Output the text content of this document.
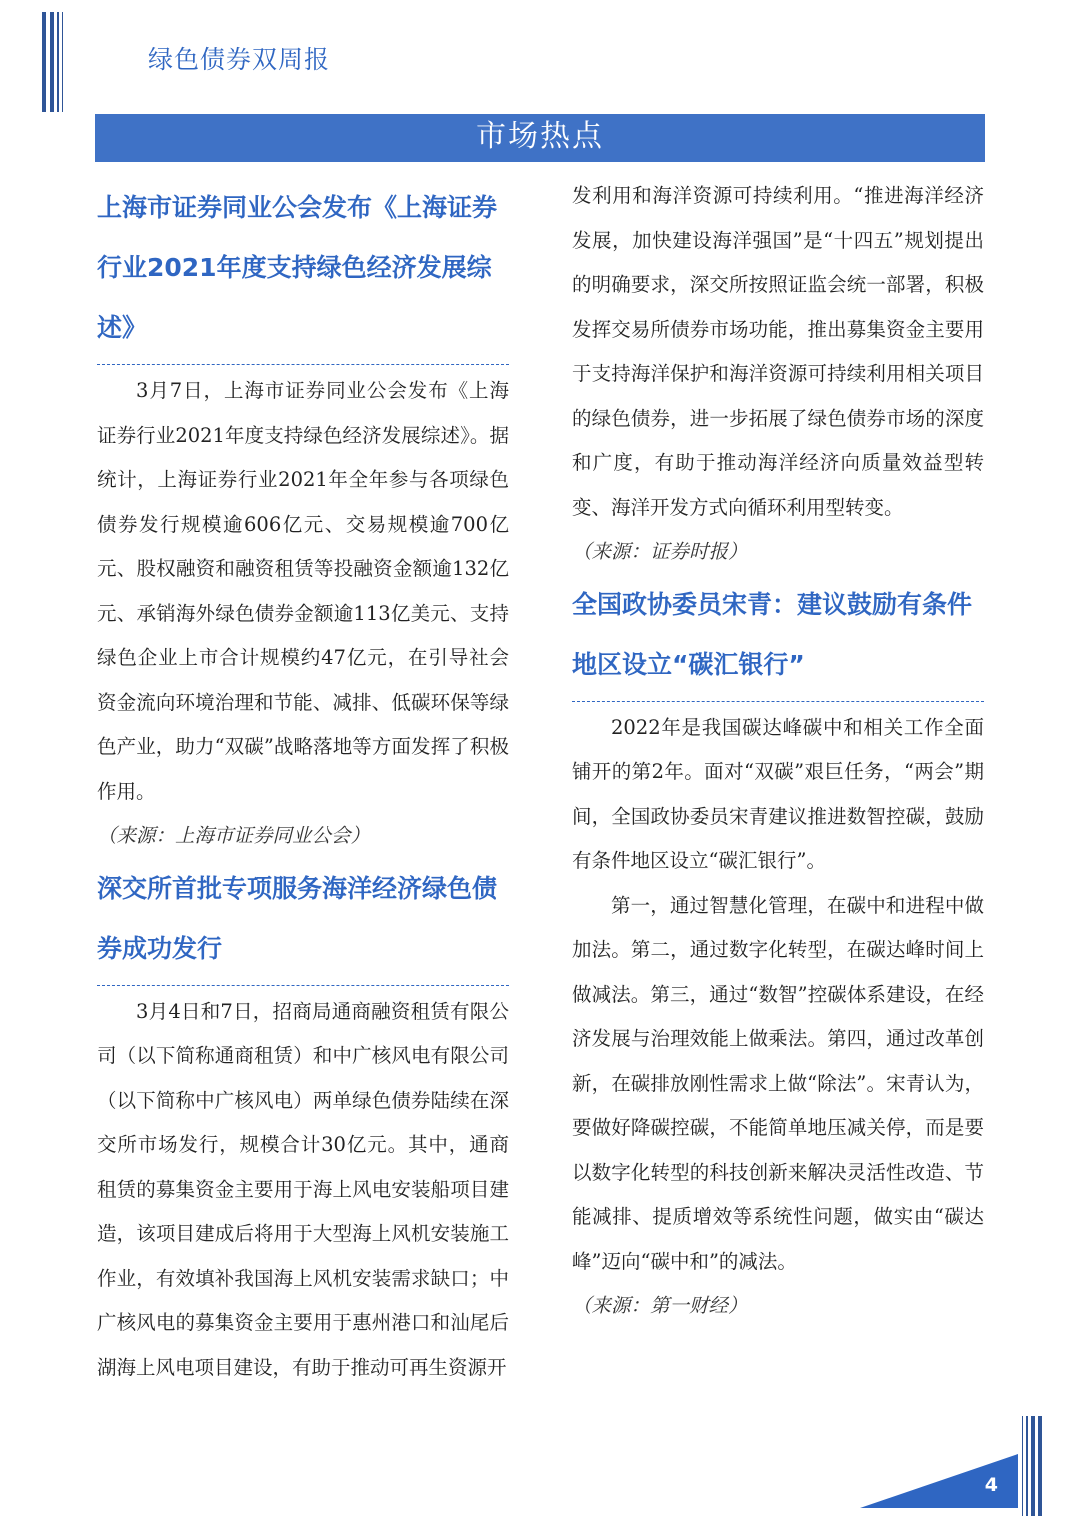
绿色债券双周报
市场热点
上海市证券同业公会发布《上海证券行业2021年度支持绿色经济发展综述》

3月7日，上海市证券同业公会发布《上海证券行业2021年度支持绿色经济发展综述》。据统计，上海证券行业2021年全年参与各项绿色债券发行规模逾606亿元、交易规模逾700亿元、股权融资和融资租赁等投融资金额逾132亿元、承销海外绿色债券金额逾113亿美元、支持绿色企业上市合计规模约47亿元，在引导社会资金流向环境治理和节能、减排、低碳环保等绿色产业，助力“双碳”战略落地等方面发挥了积极作用。

（来源：上海市证券同业公会）

深交所首批专项服务海洋经济绿色债券成功发行

3月4日和7日，招商局通商融资租赁有限公司（以下简称通商租赁）和中广核风电有限公司（以下简称中广核风电）两单绿色债券陆续在深交所市场发行，规模合计30亿元。其中，通商租赁的募集资金主要用于海上风电安装船项目建造，该项目建成后将用于大型海上风机安装施工作业，有效填补我国海上风机安装需求缺口；中广核风电的募集资金主要用于惠州港口和汕尾后湖海上风电项目建设，有助于推动可再生资源开

发利用和海洋资源可持续利用。“推进海洋经济发展，加快建设海洋强国”是“十四五”规划提出的明确要求，深交所按照证监会统一部署，积极发挥交易所债券市场功能，推出募集资金主要用于支持海洋保护和海洋资源可持续利用相关项目的绿色债券，进一步拓展了绿色债券市场的深度和广度，有助于推动海洋经济向质量效益型转变、海洋开发方式向循环利用型转变。

（来源：证券时报）

全国政协委员宋青：建议鼓励有条件地区设立“碳汇银行”

2022年是我国碳达峰碳中和相关工作全面铺开的第2年。面对“双碳”艰巨任务，“两会”期间，全国政协委员宋青建议推进数智控碳，鼓励有条件地区设立“碳汇银行”。

第一，通过智慧化管理，在碳中和进程中做加法。第二，通过数字化转型，在碳达峰时间上做减法。第三，通过“数智”控碳体系建设，在经济发展与治理效能上做乘法。第四，通过改革创新，在碳排放刚性需求上做“除法”。宋青认为，要做好降碳控碳，不能简单地压减关停，而是要以数字化转型的科技创新来解决灵活性改造、节能减排、提质增效等系统性问题，做实由“碳达峰”迈向“碳中和”的减法。

（来源：第一财经）

4
